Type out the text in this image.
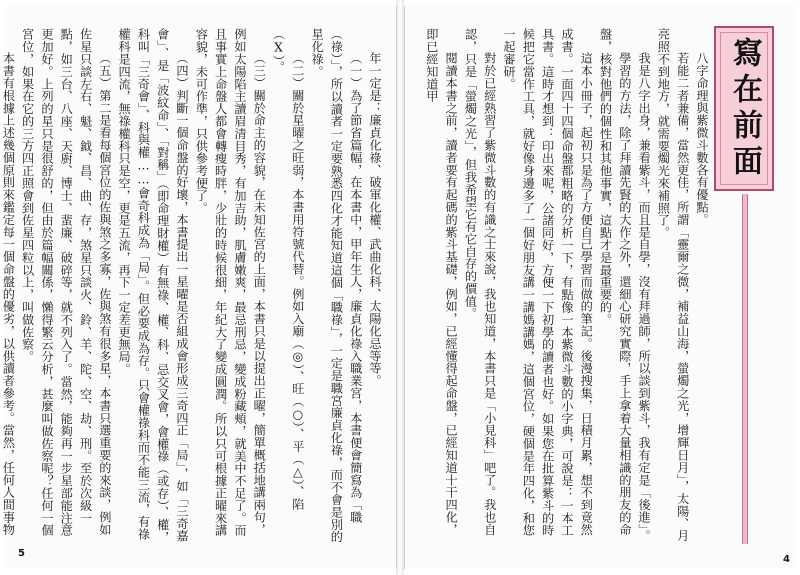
年一定是：廉貞化祿、破軍化權、武曲化科、太陽化忌等等。

（一）為了節省篇幅，在本書中，甲年生人，廉貞化祿入職業宮，本書便會簡寫為「職（祿）」，所以讀者一定要熟悉四化才能知道這個「職祿」，一定是職宮廉貞化祿，而不會是別的星化祿。

（二）關於星曜之旺弱，本書用符號代替。例如入廟（◎）、旺（○）、平（△）、陷（X）。

（三）關於命主的容貌，在未知佐宮的上面，本書只是以提出正曜，簡單概括地講兩句，例如太陽陷主讀眉清目秀，有加吉助，肌膚嫩爽，最忌刑忌，變成粉藏頰，就美中不足了。而且事實上命盤人都會轉瘦時胖，少壯的時候很細，年紀大了變成圓潤。所以只可根據正曜來講容貌，未可作準，只供參考便了。

（四）判斷一個命盤的好壞，本書提出一星曜是否組成會形成三奇四正「局」，如「三奇嘉會」、是「波紋命」、「對稱」（即命理財權）有無祿、權、科、忌交叉會，會權祿（或存）、權，科叫「三奇會」、科與權……會奇科成為「局」。但必要成為存。只會權祿科而不能三流，有祿權科是四流，無祿權科只是空，更是五流，再下一定差更無局。

（五）第二是看每個宮位的佐與煞之多寡，佐與煞有很多星，本書只選重要的來談，例如佐星只談左右、魁、鉞、昌、曲、存，煞星只談火、鈴、羊、陀、空、劫、刑。至於次級一點，如三台、八座、天廚、博士、蜚廉、破碎等，就不列入了。當然，能夠再一步星部能注意更加好。上列的星只是很舒的，但由於篇幅關係，懶得繁云分析，甚麼叫做佐察呢？任何一個宮位，如果在它的三方四正照會到佐星四粒以上，叫做佐察。

本書有根據上述幾個原則來鑑定每一個命盤的優劣，以供讀者參考。當然，任何人間事物

5

八字命理與紫微斗數各有優點。

若能二者兼備，當然更佳，所謂「靈爾之微，補益山海，螢燭之光，增輝日月」，太陽、月亮照不到地方，就需要燭光來補照了。

我是八字出身，兼看紫斗，而且是自學，沒有拜過師，所以談到紫斗，我有定是「後進」。

學習的方法，除了拜讀先賢的大作之外，還細心研究實際，手上拿着大量相識的朋友的命盤，核對他們的個性和其他事實，這點才是最重要的。

這本小冊子，起初只是為了方便自己學習而做的筆記。後漫搜集，日積月累，想不到竟然成書。一面四十四個命盤都粗略的分析一下，有點像一本紫微斗數的小字典，可說是：一本工具書。這時才想到：印出來呢，公諸同好，方便一下初學的讀者也好。如果您在批算紫斗的時候把它當作工具，就好像身邊多了一個好朋友講一講媽講媽，這個宮位，硬個是年四化，和您一起審研。

對於已經熟習了紫微斗數的有識之士來說，我也知道，本書只是「小見科」吧了。我也自認，只是「螢燭之光」，但我希望它有它自存的價值。

閱讀本書之前，讀者要有起碼的紫斗基礎，例如，已經懂得起命盤，已經知道十干四化，即已經知道甲	寫在前面
4
